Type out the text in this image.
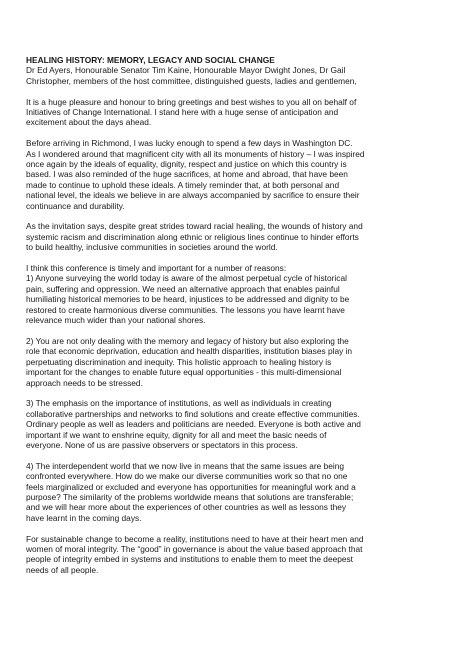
HEALING HISTORY: MEMORY, LEGACY AND SOCIAL CHANGE

Dr Ed Ayers, Honourable Senator Tim Kaine, Honourable Mayor Dwight Jones, Dr Gail
Christopher, members of the host committee, distinguished guests, ladies and gentlemen,

It is a huge pleasure and honour to bring greetings and best wishes to you all on behalf of
Initiatives of Change International. I stand here with a huge sense of anticipation and
excitement about the days ahead.

Before arriving in Richmond, I was lucky enough to spend a few days in Washington DC.
As I wondered around that magnificent city with all its monuments of history – I was inspired
once again by the ideals of equality, dignity, respect and justice on which this country is
based. I was also reminded of the huge sacrifices, at home and abroad, that have been
made to continue to uphold these ideals. A timely reminder that, at both personal and
national level, the ideals we believe in are always accompanied by sacrifice to ensure their
continuance and durability.

As the invitation says, despite great strides toward racial healing, the wounds of history and
systemic racism and discrimination along ethnic or religious lines continue to hinder efforts
to build healthy, inclusive communities in societies around the world.

I think this conference is timely and important for a number of reasons:
1) Anyone surveying the world today is aware of the almost perpetual cycle of historical
pain, suffering and oppression. We need an alternative approach that enables painful
humiliating historical memories to be heard, injustices to be addressed and dignity to be
restored to create harmonious diverse communities. The lessons you have learnt have
relevance much wider than your national shores.

2) You are not only dealing with the memory and legacy of history but also exploring the
role that economic deprivation, education and health disparities, institution biases play in
perpetuating discrimination and inequity. This holistic approach to healing history is
important for the changes to enable future equal opportunities - this multi-dimensional
approach needs to be stressed.

3) The emphasis on the importance of institutions, as well as individuals in creating
collaborative partnerships and networks to find solutions and create effective communities.
Ordinary people as well as leaders and politicians are needed. Everyone is both active and
important if we want to enshrine equity, dignity for all and meet the basic needs of
everyone. None of us are passive observers or spectators in this process.

4) The interdependent world that we now live in means that the same issues are being
confronted everywhere. How do we make our diverse communities work so that no one
feels marginalized or excluded and everyone has opportunities for meaningful work and a
purpose? The similarity of the problems worldwide means that solutions are transferable;
and we will hear more about the experiences of other countries as well as lessons they
have learnt in the coming days.

For sustainable change to become a reality, institutions need to have at their heart men and
women of moral integrity. The “good” in governance is about the value based approach that
people of integrity embed in systems and institutions to enable them to meet the deepest
needs of all people.
